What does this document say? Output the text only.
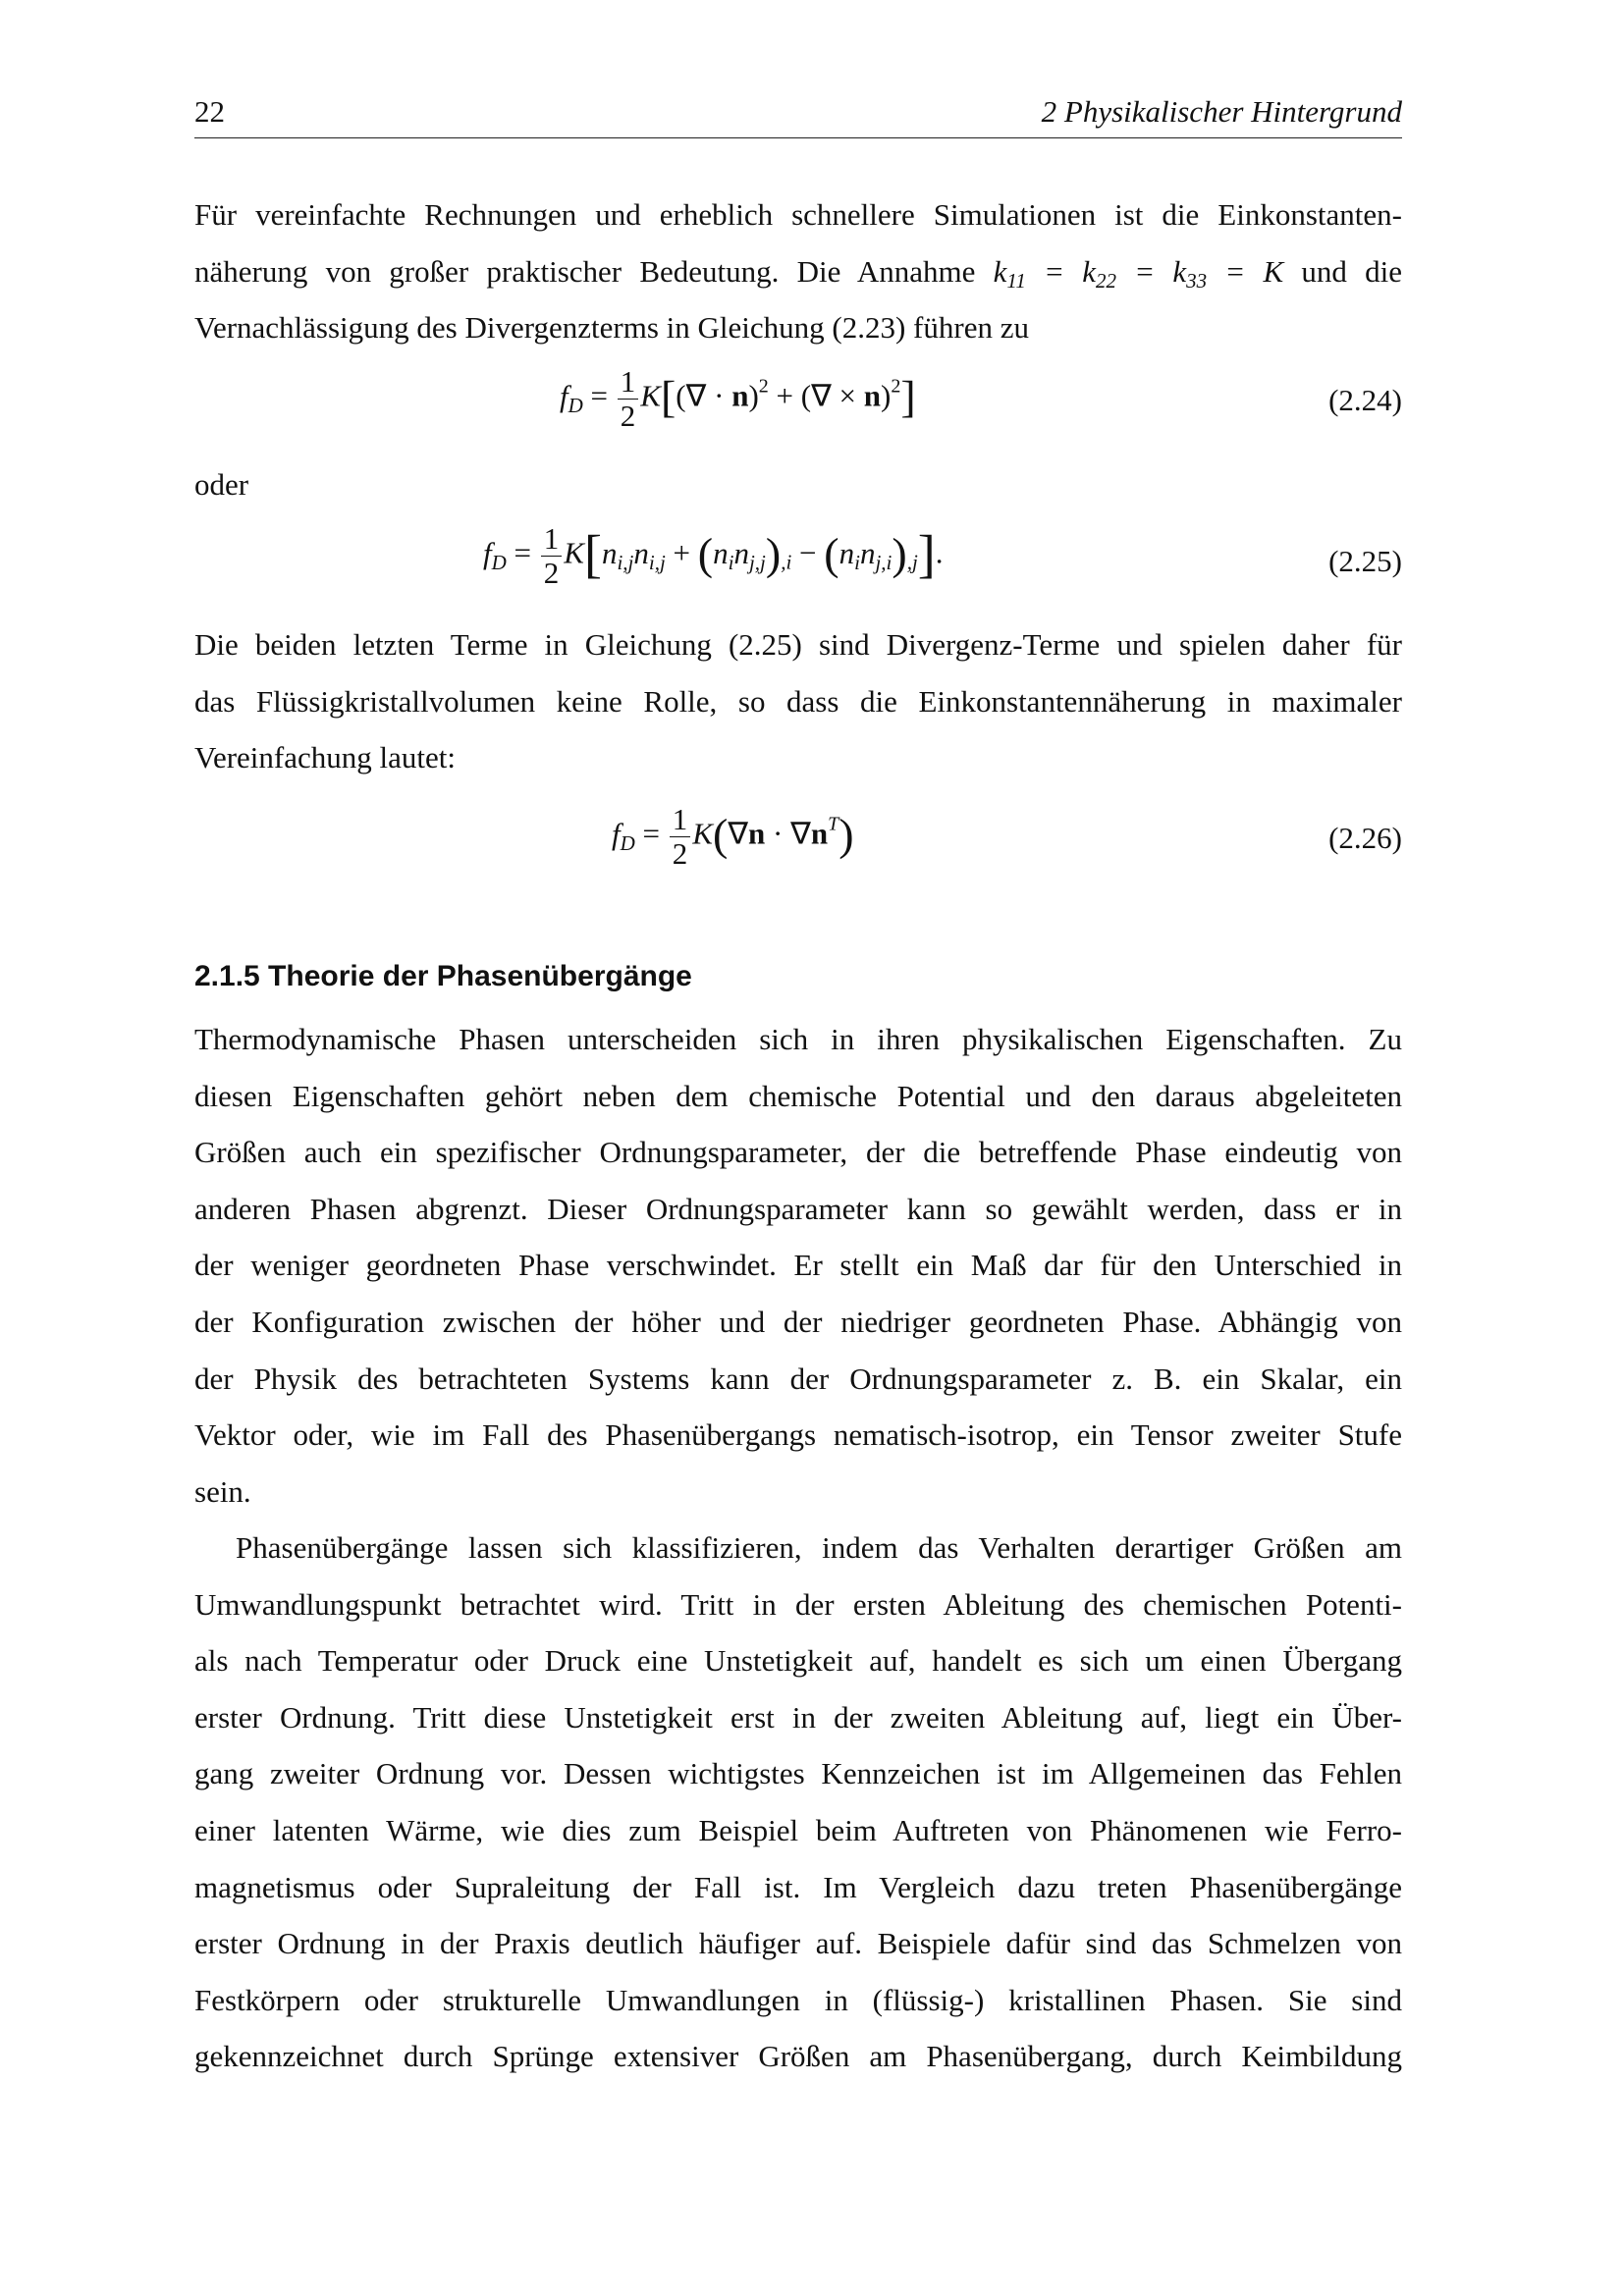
22	2 Physikalischer Hintergrund
Für vereinfachte Rechnungen und erheblich schnellere Simulationen ist die Einkonstanten-
näherung von großer praktischer Bedeutung. Die Annahme $k_{11} = k_{22} = k_{33} = K$ und die
Vernachlässigung des Divergenzterms in Gleichung (2.23) führen zu
$f_D = \frac{1}{2} K[(\nabla \cdot n)^2$ + (∇ × n)$^2$]	(2.24)
oder
$f_D = \frac{1}{2} K[n_{i,j}n_{i,j} + (n_in_{j,j})_{,i} - (n_in_{j,i})_{,j}]$.	(2.25)
Die beiden letzten Terme in Gleichung (2.25) sind Divergenz-Terme und spielen daher für
das Flüssigkristallvolumen keine Rolle, so dass die Einkonstantennäherung in maximaler
Vereinfachung lautet:
$f_D = \frac{1}{2} K(\nabla n \cdot \nabla n^T)$	(2.26)
2.1.5 Theorie der Phasenübergänge
Thermodynamische Phasen unterscheiden sich in ihren physikalischen Eigenschaften. Zu
diesen Eigenschaften gehört neben dem chemische Potential und den daraus abgeleiteten
Größen auch ein spezifischer Ordnungsparameter, der die betreffende Phase eindeutig von
anderen Phasen abgrenzt. Dieser Ordnungsparameter kann so gewählt werden, dass er in
der weniger geordneten Phase verschwindet. Er stellt ein Maß dar für den Unterschied in
der Konfiguration zwischen der höher und der niedriger geordneten Phase. Abhängig von
der Physik des betrachteten Systems kann der Ordnungsparameter z. B. ein Skalar, ein
Vektor oder, wie im Fall des Phasenübergangs nematisch-isotrop, ein Tensor zweiter Stufe
sein.
Phasenübergänge lassen sich klassifizieren, indem das Verhalten derartiger Größen am
Umwandlungspunkt betrachtet wird. Tritt in der ersten Ableitung des chemischen Potenti-
als nach Temperatur oder Druck eine Unstetigkeit auf, handelt es sich um einen Übergang
erster Ordnung. Tritt diese Unstetigkeit erst in der zweiten Ableitung auf, liegt ein Über-
gang zweiter Ordnung vor. Dessen wichtigstes Kennzeichen ist im Allgemeinen das Fehlen
einer latenten Wärme, wie dies zum Beispiel beim Auftreten von Phänomenen wie Ferro-
magnetismus oder Supraleitung der Fall ist. Im Vergleich dazu treten Phasenübergänge
erster Ordnung in der Praxis deutlich häufiger auf. Beispiele dafür sind das Schmelzen von
Festkörpern oder strukturelle Umwandlungen in (flüssig-) kristallinen Phasen. Sie sind
gekennzeichnet durch Sprünge extensiver Größen am Phasenübergang, durch Keimbildung
